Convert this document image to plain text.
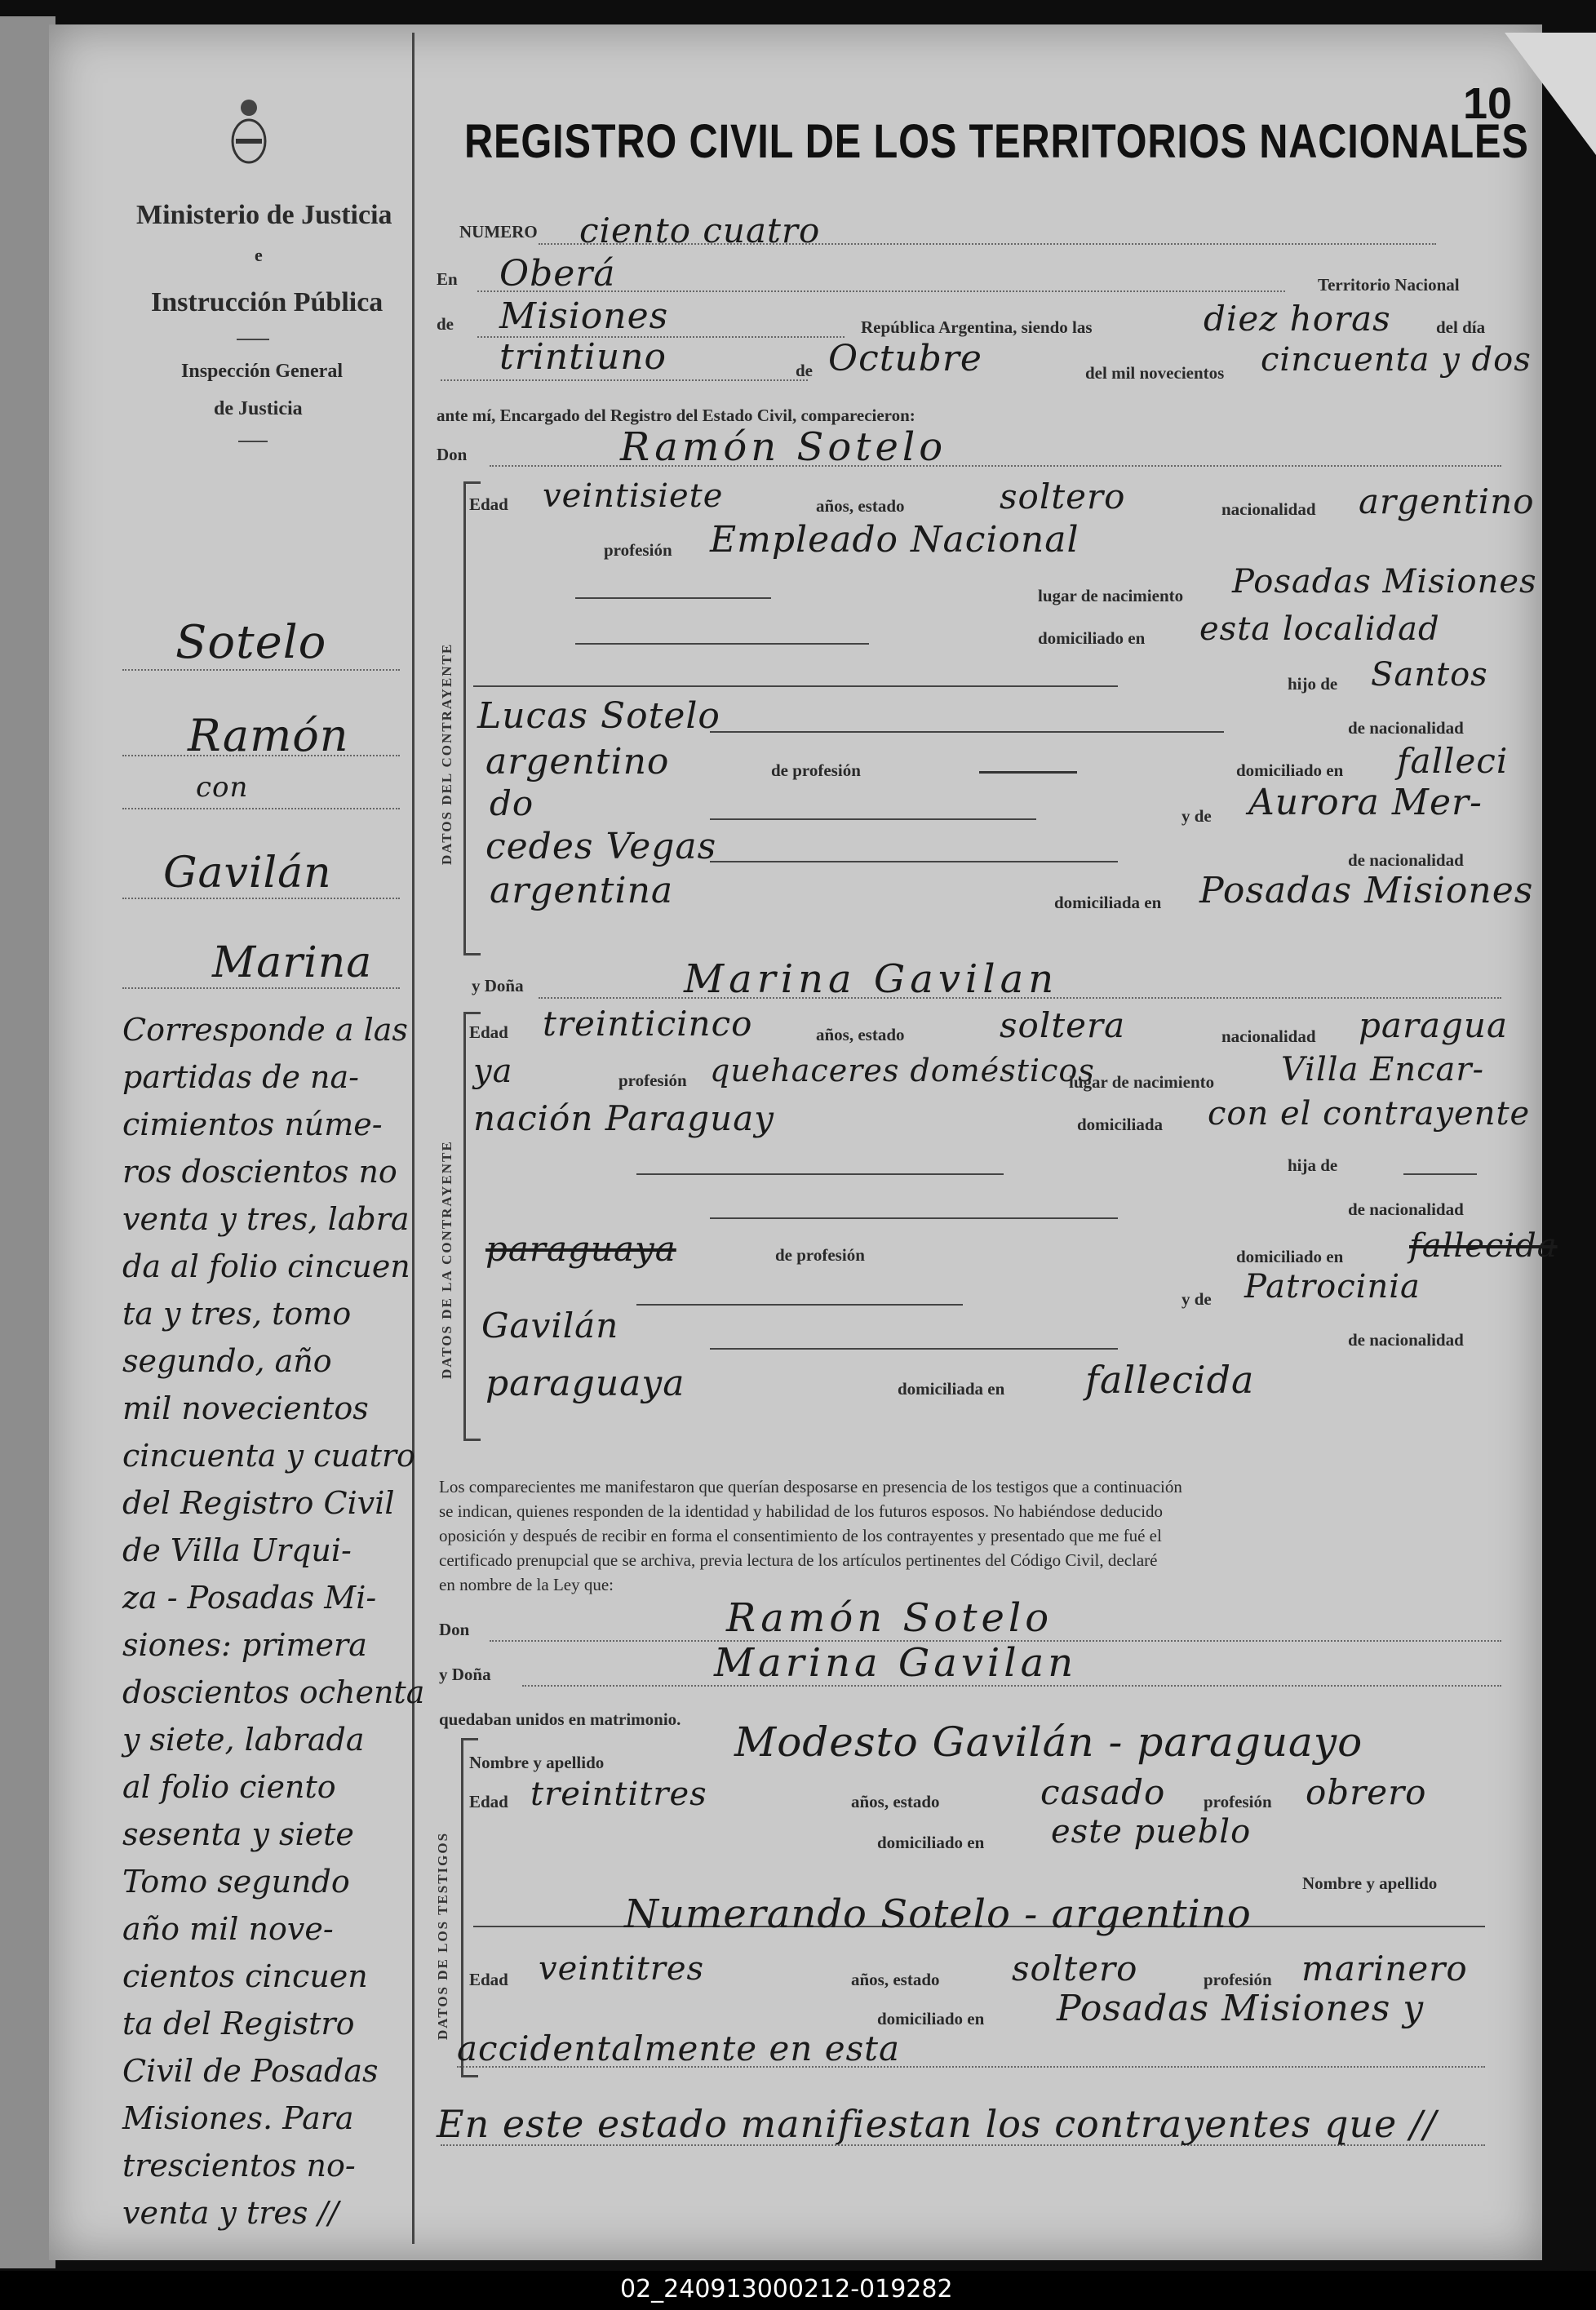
Ministerio de Justicia
e
Instrucción Pública
Inspección General
de Justicia
REGISTRO CIVIL DE LOS TERRITORIOS NACIONALES
10
Sotelo
Ramón
con
Gavilán
Marina
Corresponde a las
partidas de na-
cimientos núme-
ros doscientos no
venta y tres, labra
da al folio cincuen
ta y tres, tomo
segundo, año
mil novecientos
cincuenta y cuatro
del Registro Civil
de Villa Urqui-
za - Posadas Mi-
siones: primera
doscientos ochenta
y siete, labrada
al folio ciento
sesenta y siete
Tomo segundo
año mil nove-
cientos cincuen
ta del Registro
Civil de Posadas
Misiones. Para
trescientos no-
venta y tres //
NUMERO ciento cuatro
En Oberá	Territorio Nacional
de Misiones	República Argentina, siendo las	diez horas	del día
trintiuno	de Octubre	del mil novecientos cincuenta y dos
ante mí, Encargado del Registro del Estado Civil, comparecieron:
Don	Ramón Sotelo
DATOS DEL CONTRAYENTE
Edad veintisiete	años, estado	soltero	nacionalidad argentino
profesión Empleado Nacional
lugar de nacimiento Posadas Misiones
domiciliado en esta localidad
hijo de Santos
Lucas Sotelo	de nacionalidad
argentino	de profesión	domiciliado en falleci
do	y de Aurora Mer-
cedes Vegas	de nacionalidad
argentina	domiciliada en Posadas Misiones
y Doña	Marina Gavilan
DATOS DE LA CONTRAYENTE
Edad treinticinco	años, estado	soltera	nacionalidad paragua
ya	profesión quehaceres domésticos
lugar de nacimiento Villa Encar-
nación Paraguay	domiciliada con el contrayente
hija de
de nacionalidad
paraguaya	de profesión	domiciliado en fallecida
y de Patrocinia
Gavilán	de nacionalidad
paraguaya	domiciliada en fallecida
Los comparecientes me manifestaron que querían desposarse en presencia de los testigos que a continuación
se indican, quienes responden de la identidad y habilidad de los futuros esposos. No habiéndose deducido
oposición y después de recibir en forma el consentimiento de los contrayentes y presentado que me fué el
certificado prenupcial que se archiva, previa lectura de los artículos pertinentes del Código Civil, declaré
en nombre de la Ley que:
Don	Ramón Sotelo
y Doña	Marina Gavilan
quedaban unidos en matrimonio.
DATOS DE LOS TESTIGOS
Nombre y apellido	Modesto Gavilán - paraguayo
Edad treintitres	años, estado	casado profesión obrero
domiciliado en este pueblo
Nombre y apellido
Numerando Sotelo - argentino
Edad veintitres	años, estado soltero	profesión marinero
domiciliado en Posadas Misiones y
accidentalmente en esta
En este estado manifiestan los contrayentes que //
02_240913000212-019282
